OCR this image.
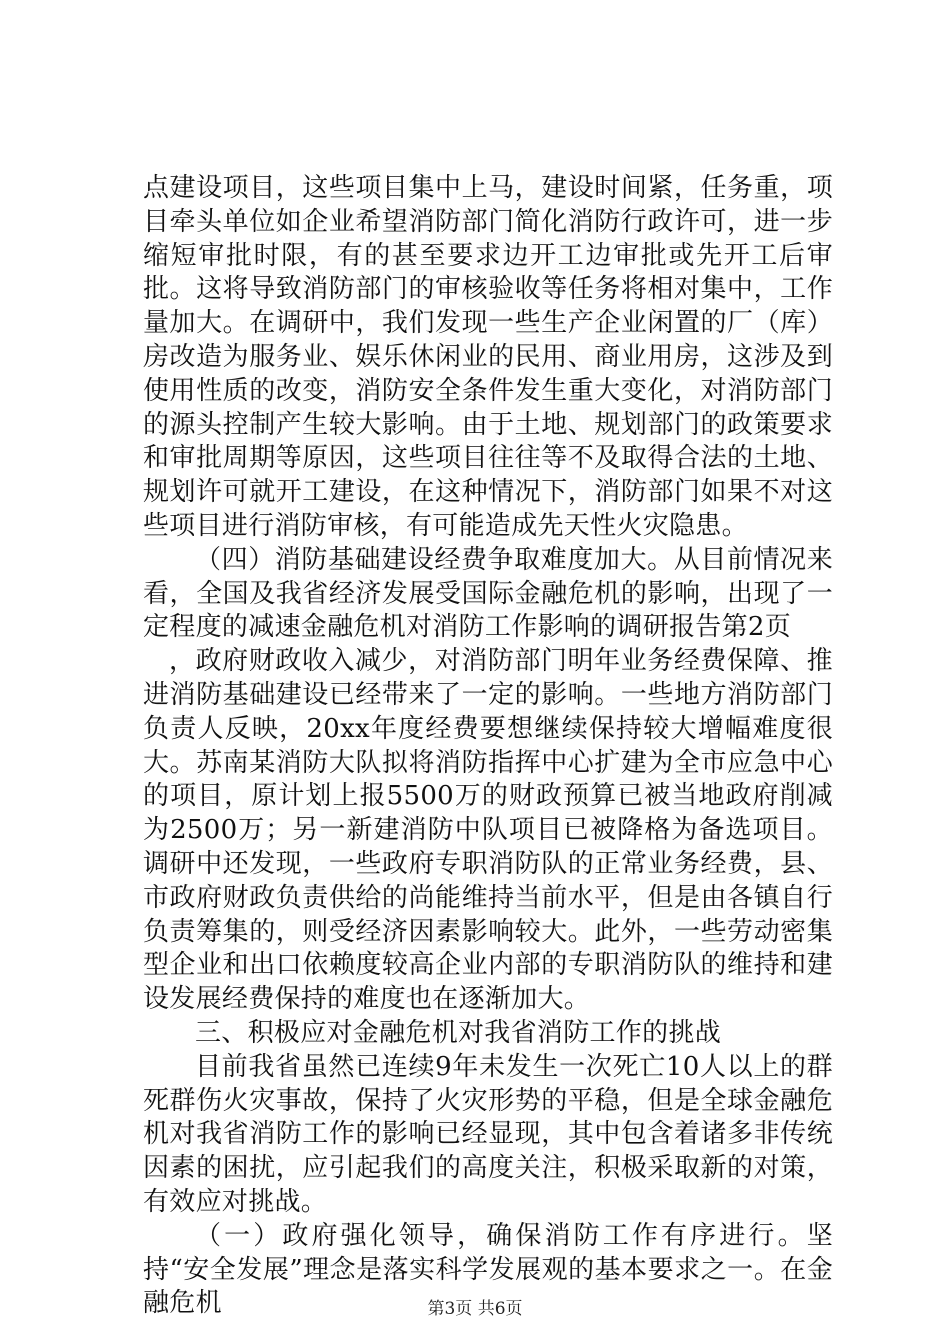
点建设项目，这些项目集中上马，建设时间紧，任务重，项目牵头单位如企业希望消防部门简化消防行政许可，进一步缩短审批时限，有的甚至要求边开工边审批或先开工后审批。这将导致消防部门的审核验收等任务将相对集中，工作量加大。在调研中，我们发现一些生产企业闲置的厂（库）房改造为服务业、娱乐休闲业的民用、商业用房，这涉及到使用性质的改变，消防安全条件发生重大变化，对消防部门的源头控制产生较大影响。由于土地、规划部门的政策要求和审批周期等原因，这些项目往往等不及取得合法的土地、规划许可就开工建设，在这种情况下，消防部门如果不对这些项目进行消防审核，有可能造成先天性火灾隐患。

（四）消防基础建设经费争取难度加大。从目前情况来看，全国及我省经济发展受国际金融危机的影响，出现了一定程度的减速金融危机对消防工作影响的调研报告第2页

，政府财政收入减少，对消防部门明年业务经费保障、推进消防基础建设已经带来了一定的影响。一些地方消防部门负责人反映，20xx年度经费要想继续保持较大增幅难度很大。苏南某消防大队拟将消防指挥中心扩建为全市应急中心的项目，原计划上报5500万的财政预算已被当地政府削减为2500万；另一新建消防中队项目已被降格为备选项目。调研中还发现，一些政府专职消防队的正常业务经费，县、市政府财政负责供给的尚能维持当前水平，但是由各镇自行负责筹集的，则受经济因素影响较大。此外，一些劳动密集型企业和出口依赖度较高企业内部的专职消防队的维持和建设发展经费保持的难度也在逐渐加大。

三、积极应对金融危机对我省消防工作的挑战

目前我省虽然已连续9年未发生一次死亡10人以上的群死群伤火灾事故，保持了火灾形势的平稳，但是全球金融危机对我省消防工作的影响已经显现，其中包含着诸多非传统因素的困扰，应引起我们的高度关注，积极采取新的对策，有效应对挑战。

（一）政府强化领导，确保消防工作有序进行。坚持“安全发展”理念是落实科学发展观的基本要求之一。在金融危机	第3页 共6页
